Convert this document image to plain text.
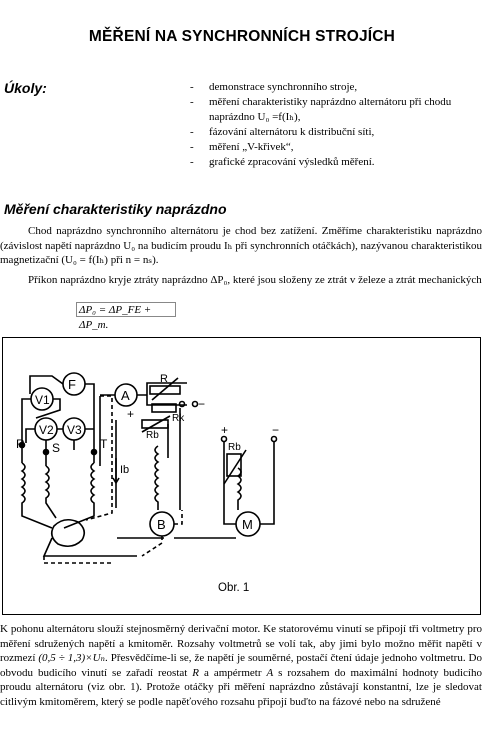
MĚŘENÍ NA SYNCHRONNÍCH STROJÍCH
Úkoly:	- demonstrace synchronního stroje,
- měření charakteristiky naprázdno alternátoru při chodu naprázdno U₀ =f(Iₕ),
- fázování alternátoru k distribuční síti,
- měření „V-křivek“,
- grafické zpracování výsledků měření.
Měření charakteristiky naprázdno
Chod naprázdno synchronního alternátoru je chod bez zatížení. Změříme charakteristiku naprázdno (závislost napětí naprázdno U₀ na budicím proudu Iₕ při synchronních otáčkách), nazývanou charakteristikou magnetizační (U₀ = f(Iₕ) při n = nₛ).
Příkon naprázdno kryje ztráty naprázdno ΔP₀, které jsou složeny ze ztrát v železe a ztrát mechanických
ΔP₀ = ΔP_FE + ΔP_m.
F
V1
V2 V3
R S	T
Ib
A
R
Rk
Rb
+
−
B
+	−
Rb
M
Obr. 1
K pohonu alternátoru slouží stejnosměrný derivační motor. Ke statorovému vinutí se připojí tři voltmetry pro měření sdružených napětí a kmitoměr. Rozsahy voltmetrů se volí tak, aby jimi bylo možno měřit napětí v rozmezí (0,5 ÷ 1,3)×Uₙ. Přesvědčíme-li se, že napětí je souměrné, postačí čtení údaje jednoho voltmetru. Do obvodu budicího vinutí se zařadí reostat R a ampérmetr A s rozsahem do maximální hodnoty budicího proudu alternátoru (viz obr. 1). Protože otáčky při měření naprázdno zůstávají konstantní, lze je sledovat citlivým kmitoměrem, který se podle napěťového rozsahu připojí buďto na fázové nebo na sdružené
